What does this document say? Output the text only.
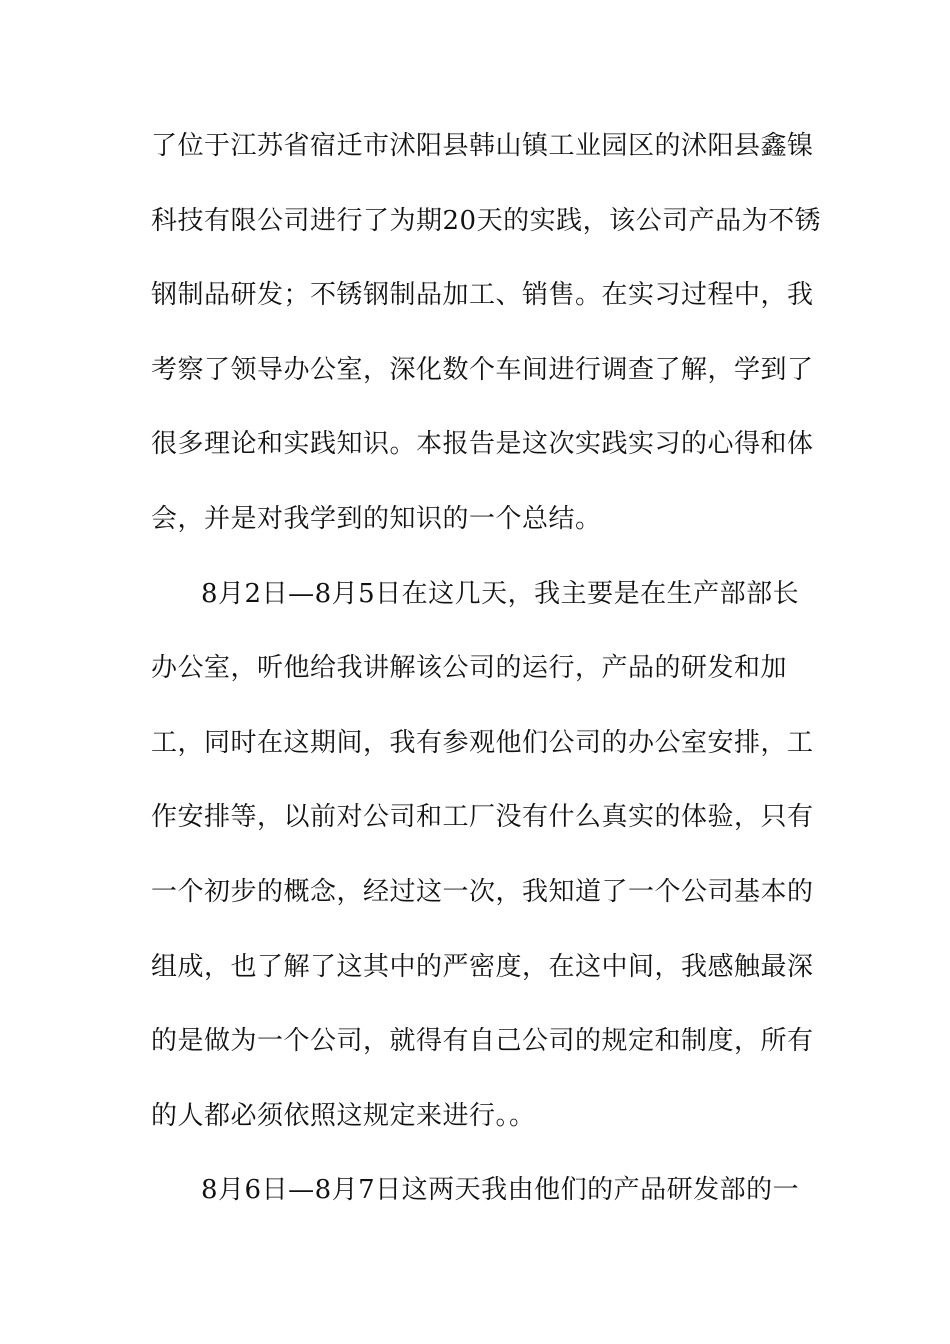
了位于江苏省宿迁市沭阳县韩山镇工业园区的沭阳县鑫镍
科技有限公司进行了为期20天的实践，该公司产品为不锈
钢制品研发；不锈钢制品加工、销售。在实习过程中，我
考察了领导办公室，深化数个车间进行调查了解，学到了
很多理论和实践知识。本报告是这次实践实习的心得和体
会，并是对我学到的知识的一个总结。
8月2日—8月5日在这几天，我主要是在生产部部长
办公室，听他给我讲解该公司的运行，产品的研发和加
工，同时在这期间，我有参观他们公司的办公室安排，工
作安排等，以前对公司和工厂没有什么真实的体验，只有
一个初步的概念，经过这一次，我知道了一个公司基本的
组成，也了解了这其中的严密度，在这中间，我感触最深
的是做为一个公司，就得有自己公司的规定和制度，所有
的人都必须依照这规定来进行。。
8月6日—8月7日这两天我由他们的产品研发部的一
